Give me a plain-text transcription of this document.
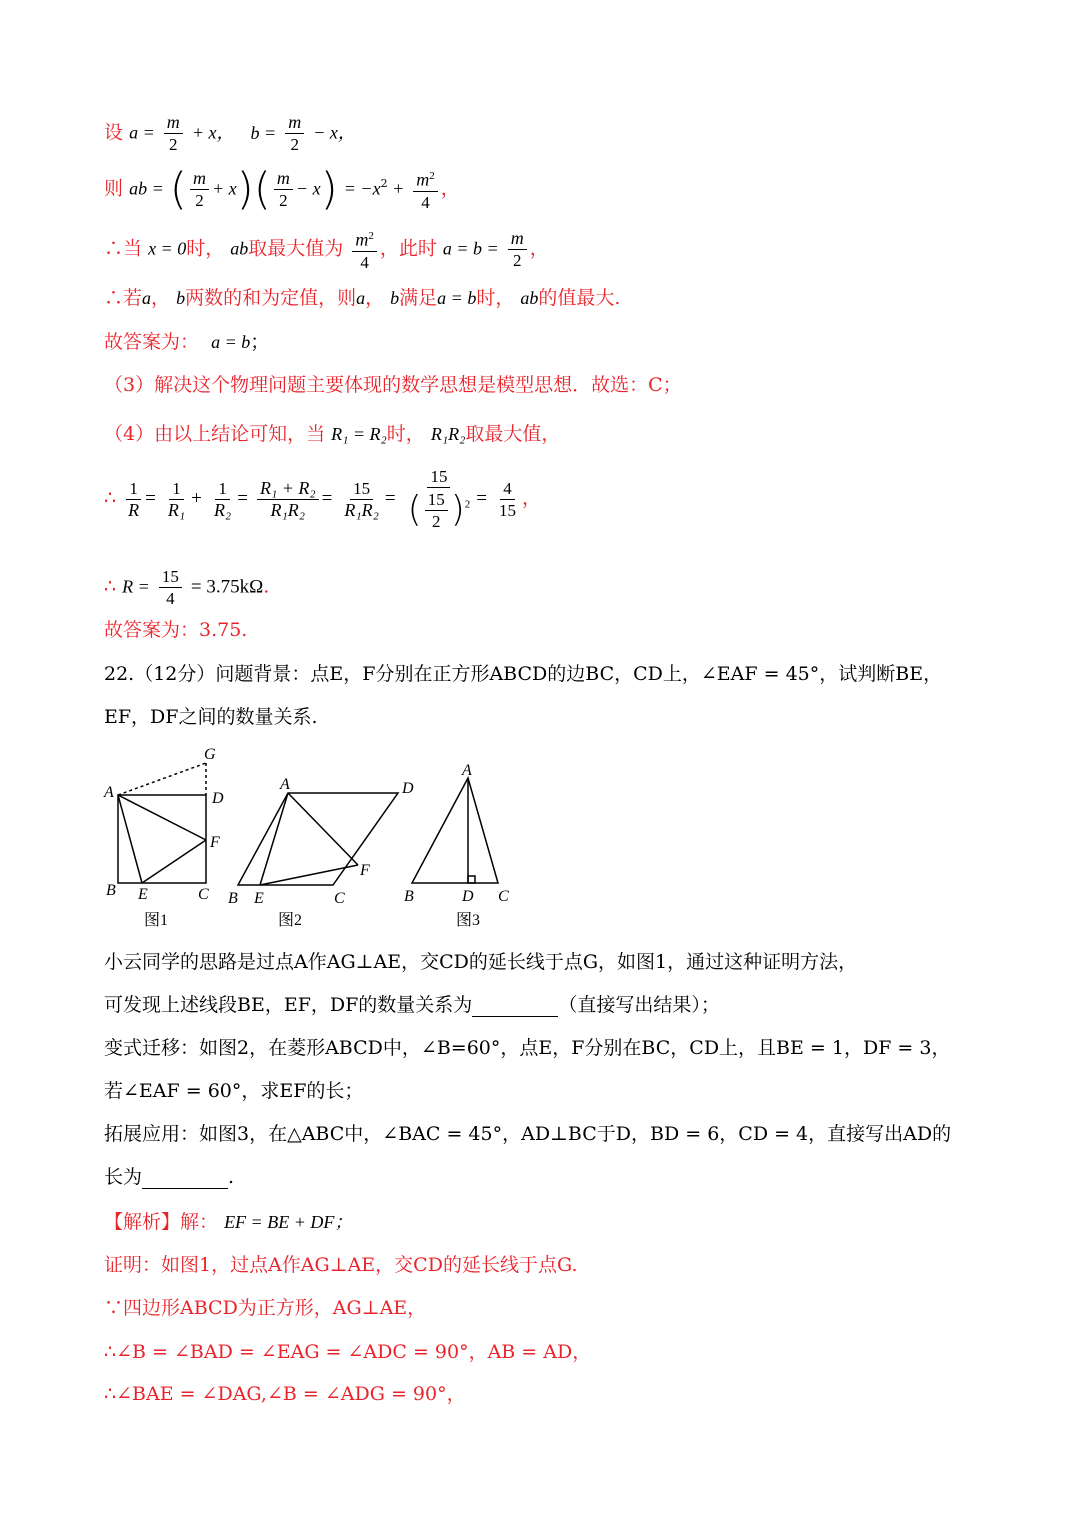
设 $a = \frac{m}{2} + x$， $b = \frac{m}{2} - x$，
则 ab = ( $\frac{m}{2} + x)( \frac{m}{2} - x) = -x^2 + \frac{m^2}{4}$ ，
∴当 x = 0时， ab取最大值为 $\frac{m^2}{4}$ ，此时 $a = b = \frac{m}{2}$ ，
∴若a， b两数的和为定值，则a， b满足a = b时， ab的值最大.
故答案为： a = b；
（3）解决这个物理问题主要体现的数学思想是模型思想．故选：C；
（4）由以上结论可知，当 R₁ = R₂时， R₁R₂取最大值，
∴ $\frac{1}{R} = \frac{1}{\text{R₁}} + \frac{1}{\text{R₂}} = \frac{\text{R₁ + R₂}}{\text{R₁R₂}} = \frac{15}{\text{R₁R₂}} = \frac{15}{( \frac{15}{2} )^2} = \frac{4}{15}$ ，
∴ $R = \frac{15}{4} = 3.75k\Omega$.
故答案为：3.75.
22.（12分）问题背景：点E，F分别在正方形ABCD的边BC，CD上，∠EAF = 45°，试判断BE，
EF，DF之间的数量关系.
A
B	C
D
E
F
G
图1
A
B	C
D
E
F
图2
A
B	C
D
图3
小云同学的思路是过点A作AG⊥AE，交CD的延长线于点G，如图1，通过这种证明方法，
可发现上述线段BE，EF，DF的数量关系为	（直接写出结果）；
变式迁移：如图2，在菱形ABCD中，∠B=60°，点E，F分别在BC，CD上，且BE = 1，DF = 3，
若∠EAF = 60°，求EF的长；
拓展应用：如图3，在△ABC中，∠BAC = 45°，AD⊥BC于D，BD = 6，CD = 4，直接写出AD的
长为	.
【解析】解： EF = BE + DF；
证明：如图1，过点A作AG⊥AE，交CD的延长线于点G.
∵四边形ABCD为正方形，AG⊥AE，
∴∠B = ∠BAD = ∠EAG = ∠ADC = 90°，AB = AD，
∴∠BAE = ∠DAG,∠B = ∠ADG = 90°，
